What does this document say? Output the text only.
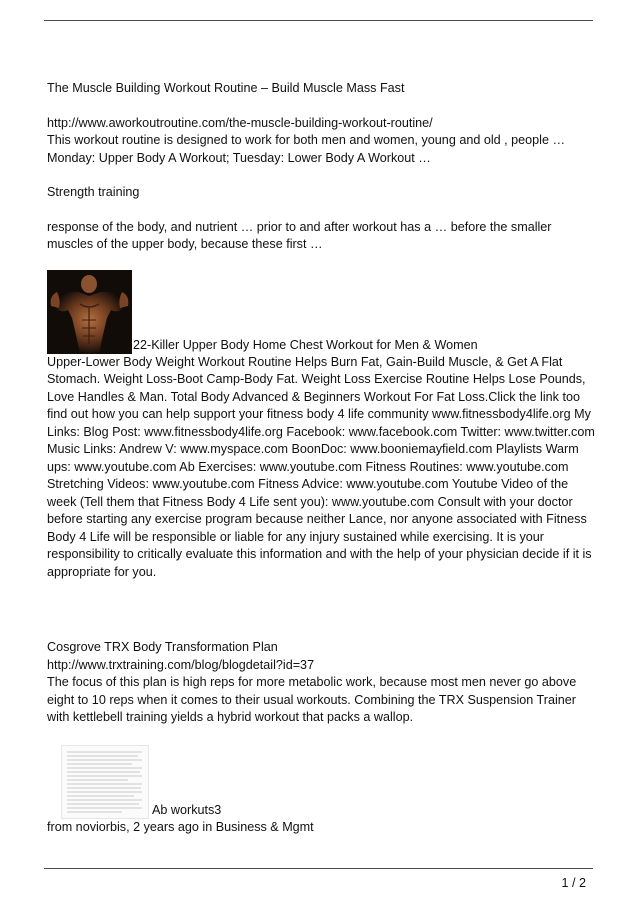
The Muscle Building Workout Routine – Build Muscle Mass Fast

http://www.aworkoutroutine.com/the-muscle-building-workout-routine/

This workout routine is designed to work for both men and women, young and old , people …

Monday: Upper Body A Workout; Tuesday: Lower Body A Workout …

Strength training

response of the body, and nutrient … prior to and after workout has a … before the smaller muscles of the upper body, because these first …

22-Killer Upper Body Home Chest Workout for Men & Women

Upper-Lower Body Weight Workout Routine Helps Burn Fat, Gain-Build Muscle, & Get A Flat Stomach. Weight Loss-Boot Camp-Body Fat. Weight Loss Exercise Routine Helps Lose Pounds, Love Handles & Man. Total Body Advanced & Beginners Workout For Fat Loss.Click the link too find out how you can help support your fitness body 4 life community www.fitnessbody4life.org My Links: Blog Post: www.fitnessbody4life.org Facebook: www.facebook.com Twitter: www.twitter.com Music Links: Andrew V: www.myspace.com BoonDoc: www.booniemayfield.com Playlists Warm ups: www.youtube.com Ab Exercises: www.youtube.com Fitness Routines: www.youtube.com Stretching Videos: www.youtube.com Fitness Advice: www.youtube.com Youtube Video of the week (Tell them that Fitness Body 4 Life sent you): www.youtube.com Consult with your doctor before starting any exercise program because neither Lance, nor anyone associated with Fitness Body 4 Life will be responsible or liable for any injury sustained while exercising. It is your responsibility to critically evaluate this information and with the help of your physician decide if it is appropriate for you.

Cosgrove TRX Body Transformation Plan

http://www.trxtraining.com/blog/blogdetail?id=37

The focus of this plan is high reps for more metabolic work, because most men never go above eight to 10 reps when it comes to their usual workouts. Combining the TRX Suspension Trainer with kettlebell training yields a hybrid workout that packs a wallop.

Ab workuts3

from noviorbis, 2 years ago in Business & Mgmt

1 / 2
